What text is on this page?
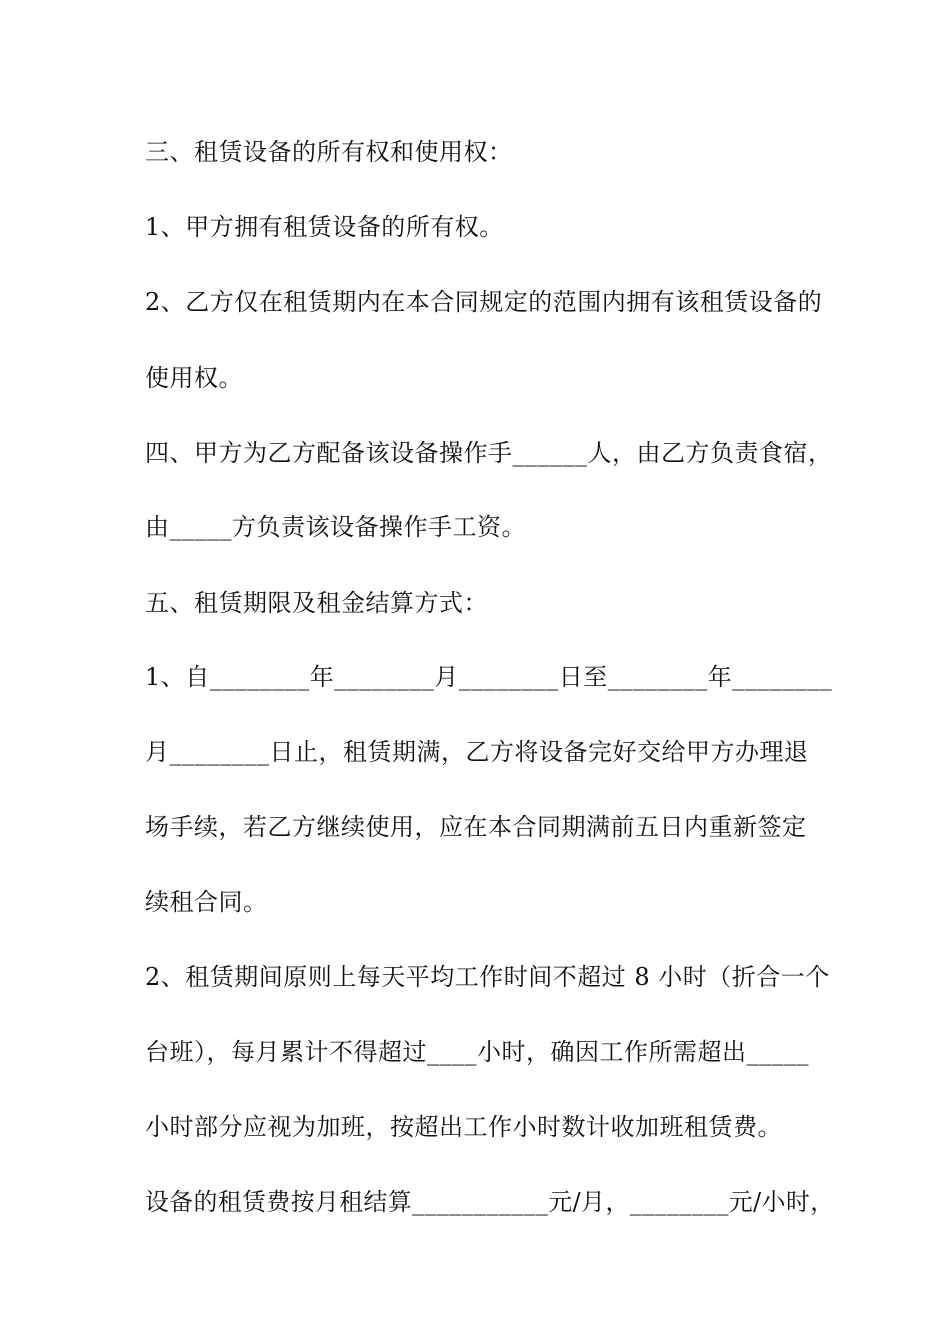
三、租赁设备的所有权和使用权：
1、甲方拥有租赁设备的所有权。
2、乙方仅在租赁期内在本合同规定的范围内拥有该租赁设备的
使用权。
四、甲方为乙方配备该设备操作手______人，由乙方负责食宿，
由_____方负责该设备操作手工资。
五、租赁期限及租金结算方式：
1、自________年________月________日至________年________
月________日止，租赁期满，乙方将设备完好交给甲方办理退
场手续，若乙方继续使用，应在本合同期满前五日内重新签定
续租合同。
2、租赁期间原则上每天平均工作时间不超过 8 小时（折合一个
台班），每月累计不得超过____小时，确因工作所需超出_____
小时部分应视为加班，按超出工作小时数计收加班租赁费。
设备的租赁费按月租结算___________元/月，________元/小时，
